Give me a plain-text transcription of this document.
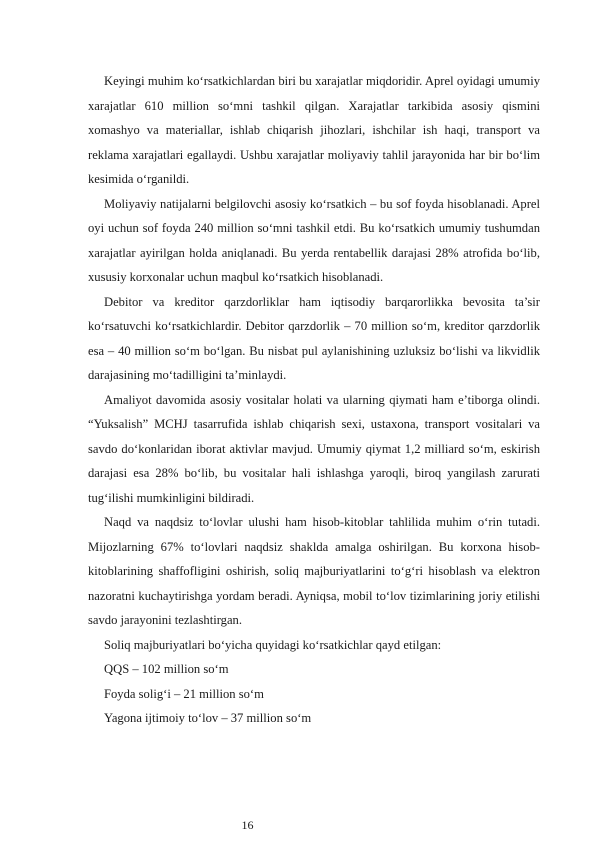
Keyingi muhim ko‘rsatkichlardan biri bu xarajatlar miqdoridir. Aprel oyidagi umumiy xarajatlar 610 million so‘mni tashkil qilgan. Xarajatlar tarkibida asosiy qismini xomashyo va materiallar, ishlab chiqarish jihozlari, ishchilar ish haqi, transport va reklama xarajatlari egallaydi. Ushbu xarajatlar moliyaviy tahlil jarayonida har bir bo‘lim kesimida o‘rganildi.

Moliyaviy natijalarni belgilovchi asosiy ko‘rsatkich – bu sof foyda hisoblanadi. Aprel oyi uchun sof foyda 240 million so‘mni tashkil etdi. Bu ko‘rsatkich umumiy tushumdan xarajatlar ayirilgan holda aniqlanadi. Bu yerda rentabellik darajasi 28% atrofida bo‘lib, xususiy korxonalar uchun maqbul ko‘rsatkich hisoblanadi.

Debitor va kreditor qarzdorliklar ham iqtisodiy barqarorlikka bevosita ta’sir ko‘rsatuvchi ko‘rsatkichlardir. Debitor qarzdorlik – 70 million so‘m, kreditor qarzdorlik esa – 40 million so‘m bo‘lgan. Bu nisbat pul aylanishining uzluksiz bo‘lishi va likvidlik darajasining mo‘tadilligini ta’minlaydi.

Amaliyot davomida asosiy vositalar holati va ularning qiymati ham e’tiborga olindi. “Yuksalish” MCHJ tasarrufida ishlab chiqarish sexi, ustaxona, transport vositalari va savdo do‘konlaridan iborat aktivlar mavjud. Umumiy qiymat 1,2 milliard so‘m, eskirish darajasi esa 28% bo‘lib, bu vositalar hali ishlashga yaroqli, biroq yangilash zarurati tug‘ilishi mumkinligini bildiradi.

Naqd va naqdsiz to‘lovlar ulushi ham hisob-kitoblar tahlilida muhim o‘rin tutadi. Mijozlarning 67% to‘lovlari naqdsiz shaklda amalga oshirilgan. Bu korxona hisob-kitoblarining shaffofligini oshirish, soliq majburiyatlarini to‘g‘ri hisoblash va elektron nazoratni kuchaytirishga yordam beradi. Ayniqsa, mobil to‘lov tizimlarining joriy etilishi savdo jarayonini tezlashtirgan.

Soliq majburiyatlari bo‘yicha quyidagi ko‘rsatkichlar qayd etilgan:

QQS – 102 million so‘m

Foyda solig‘i – 21 million so‘m

Yagona ijtimoiy to‘lov – 37 million so‘m

16
